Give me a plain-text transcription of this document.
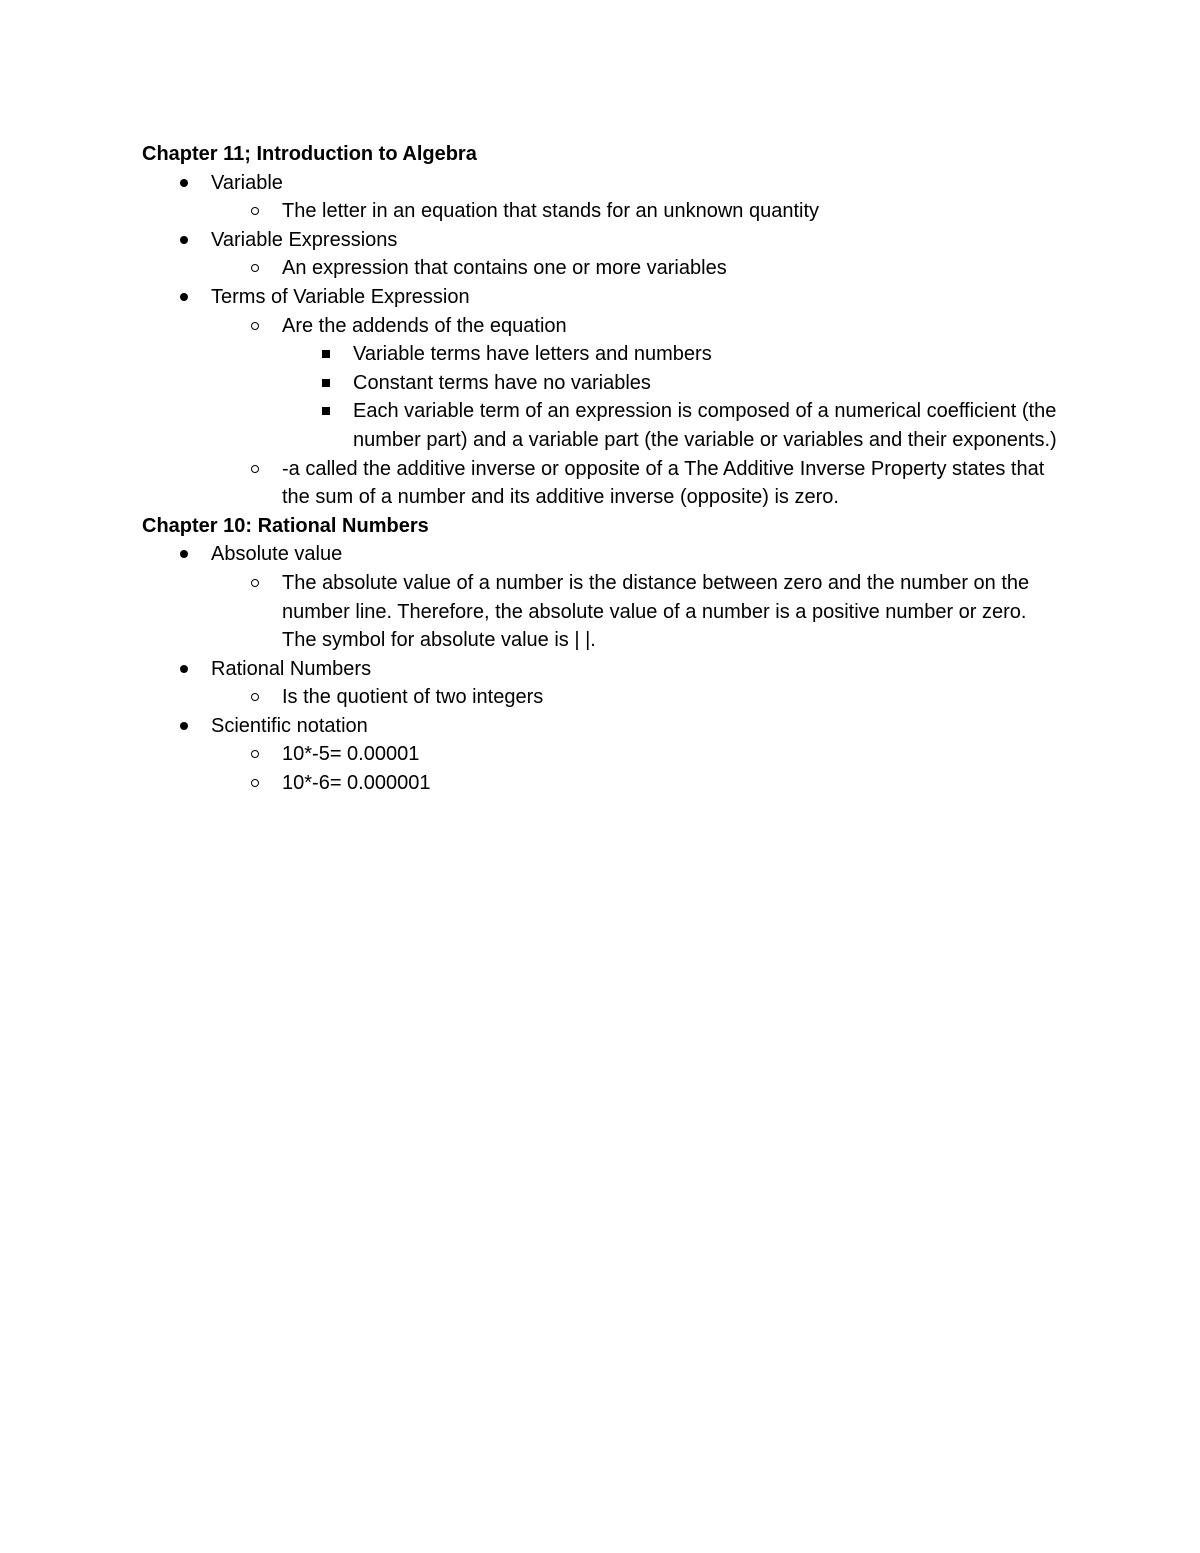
Chapter 11; Introduction to Algebra

Variable
The letter in an equation that stands for an unknown quantity
Variable Expressions
An expression that contains one or more variables
Terms of Variable Expression
Are the addends of the equation
Variable terms have letters and numbers
Constant terms have no variables
Each variable term of an expression is composed of a numerical coefficient (the number part) and a variable part (the variable or variables and their exponents.)
-a called the additive inverse or opposite of a The Additive Inverse Property states that the sum of a number and its additive inverse (opposite) is zero.

Chapter 10: Rational Numbers

Absolute value
The absolute value of a number is the distance between zero and the number on the number line. Therefore, the absolute value of a number is a positive number or zero. The symbol for absolute value is | |.
Rational Numbers
Is the quotient of two integers
Scientific notation
10*-5= 0.00001
10*-6= 0.000001
